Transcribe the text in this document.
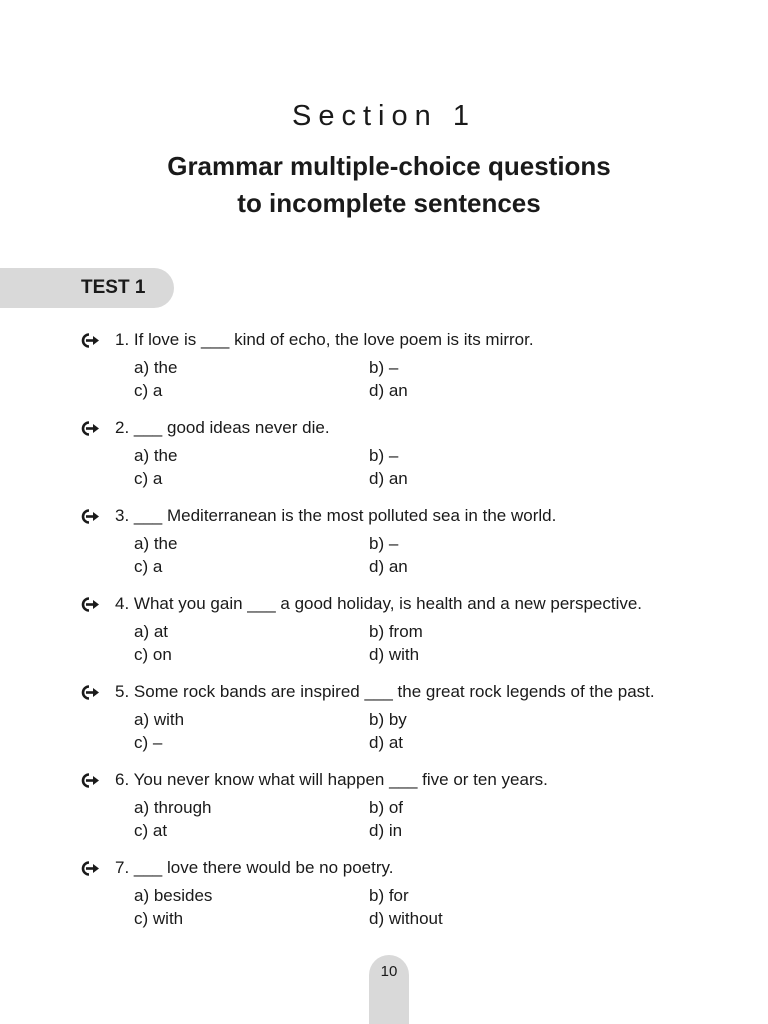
Section 1
Grammar multiple-choice questions
to incomplete sentences
TEST 1
1. If love is ___ kind of echo, the love poem is its mirror.
a) the	b) –
c) a	d) an
2. ___ good ideas never die.
a) the	b) –
c) a	d) an
3. ___ Mediterranean is the most polluted sea in the world.
a) the	b) –
c) a	d) an
4. What you gain ___ a good holiday, is health and a new perspective.
a) at	b) from
c) on	d) with
5. Some rock bands are inspired ___ the great rock legends of the past.
a) with	b) by
c) –	d) at
6. You never know what will happen ___ five or ten years.
a) through	b) of
c) at	d) in
7. ___ love there would be no poetry.
a) besides	b) for
c) with	d) without
10
